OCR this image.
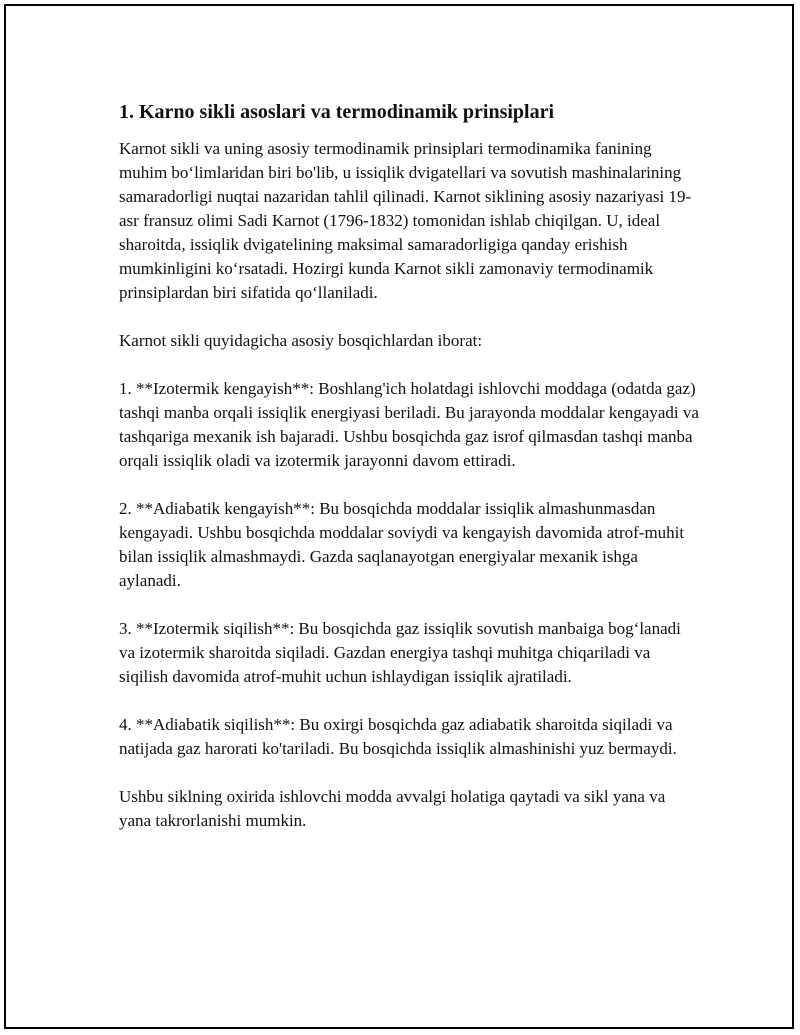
1. Karno sikli asoslari va termodinamik prinsiplari

Karnot sikli va uning asosiy termodinamik prinsiplari termodinamika fanining muhim bo‘limlaridan biri bo'lib, u issiqlik dvigatellari va sovutish mashinalarining samaradorligi nuqtai nazaridan tahlil qilinadi. Karnot siklining asosiy nazariyasi 19-asr fransuz olimi Sadi Karnot (1796-1832) tomonidan ishlab chiqilgan. U, ideal sharoitda, issiqlik dvigatelining maksimal samaradorligiga qanday erishish mumkinligini ko‘rsatadi. Hozirgi kunda Karnot sikli zamonaviy termodinamik prinsiplardan biri sifatida qo‘llaniladi.

Karnot sikli quyidagicha asosiy bosqichlardan iborat:

1. **Izotermik kengayish**: Boshlang'ich holatdagi ishlovchi moddaga (odatda gaz) tashqi manba orqali issiqlik energiyasi beriladi. Bu jarayonda moddalar kengayadi va tashqariga mexanik ish bajaradi. Ushbu bosqichda gaz isrof qilmasdan tashqi manba orqali issiqlik oladi va izotermik jarayonni davom ettiradi.

2. **Adiabatik kengayish**: Bu bosqichda moddalar issiqlik almashunmasdan kengayadi. Ushbu bosqichda moddalar soviydi va kengayish davomida atrof-muhit bilan issiqlik almashmaydi. Gazda saqlanayotgan energiyalar mexanik ishga aylanadi.

3. **Izotermik siqilish**: Bu bosqichda gaz issiqlik sovutish manbaiga bog‘lanadi va izotermik sharoitda siqiladi. Gazdan energiya tashqi muhitga chiqariladi va siqilish davomida atrof-muhit uchun ishlaydigan issiqlik ajratiladi.

4. **Adiabatik siqilish**: Bu oxirgi bosqichda gaz adiabatik sharoitda siqiladi va natijada gaz harorati ko'tariladi. Bu bosqichda issiqlik almashinishi yuz bermaydi.

Ushbu siklning oxirida ishlovchi modda avvalgi holatiga qaytadi va sikl yana va yana takrorlanishi mumkin.
